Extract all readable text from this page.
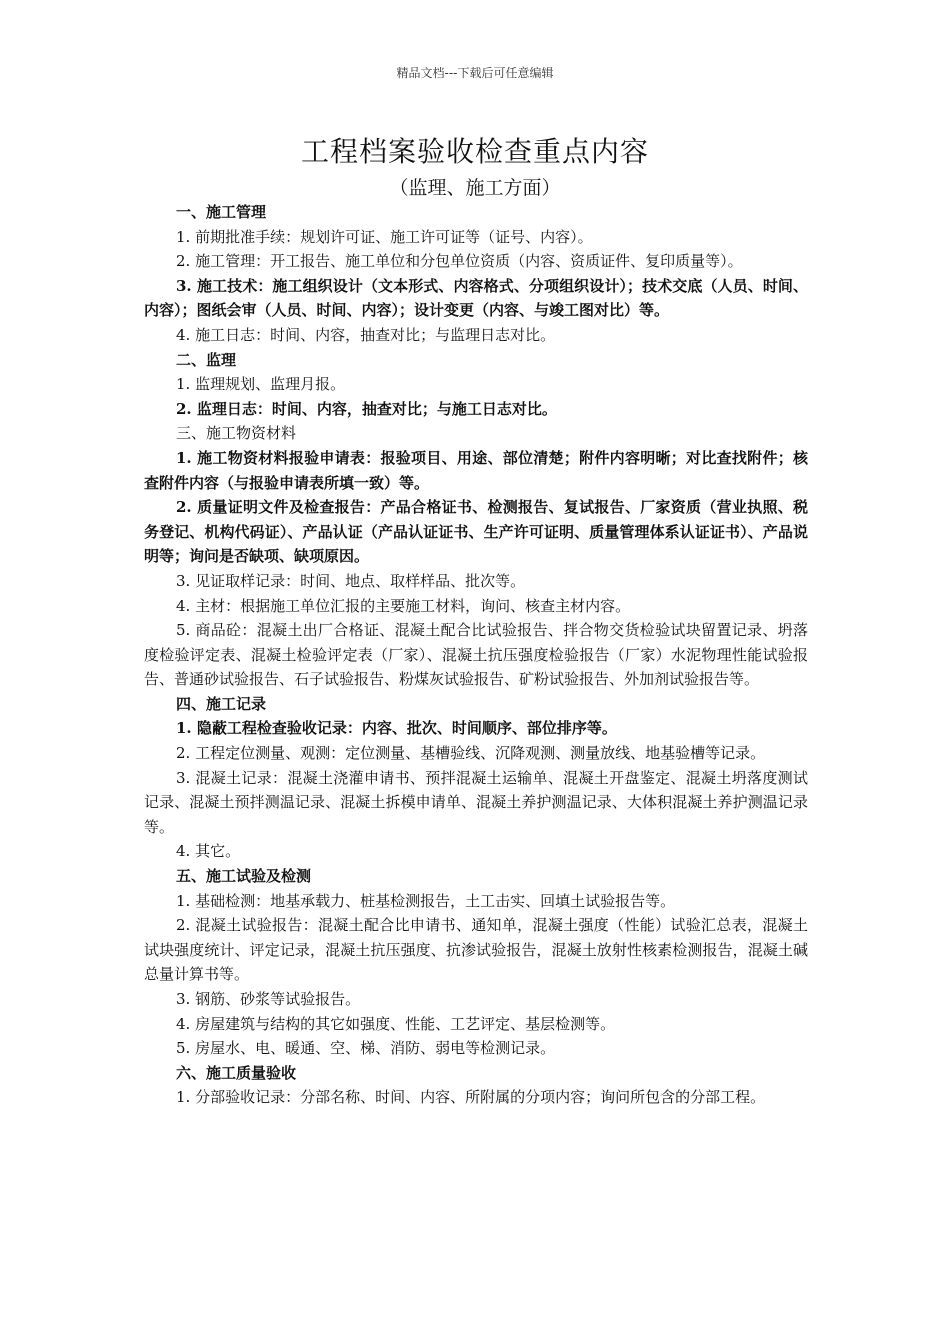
精品文档---下载后可任意编辑
工程档案验收检查重点内容
（监理、施工方面）

一、施工管理

1. 前期批准手续：规划许可证、施工许可证等（证号、内容）。

2. 施工管理：开工报告、施工单位和分包单位资质（内容、资质证件、复印质量等）。

3. 施工技术：施工组织设计（文本形式、内容格式、分项组织设计）；技术交底（人员、时间、内容）；图纸会审（人员、时间、内容）；设计变更（内容、与竣工图对比）等。

4. 施工日志：时间、内容，抽查对比；与监理日志对比。

二、监理

1. 监理规划、监理月报。

2. 监理日志：时间、内容，抽查对比；与施工日志对比。

三、施工物资材料

1. 施工物资材料报验申请表：报验项目、用途、部位清楚；附件内容明晰；对比查找附件；核查附件内容（与报验申请表所填一致）等。

2. 质量证明文件及检查报告：产品合格证书、检测报告、复试报告、厂家资质（营业执照、税务登记、机构代码证）、产品认证（产品认证证书、生产许可证明、质量管理体系认证证书）、产品说明等；询问是否缺项、缺项原因。

3. 见证取样记录：时间、地点、取样样品、批次等。

4. 主材：根据施工单位汇报的主要施工材料，询问、核查主材内容。

5. 商品砼：混凝土出厂合格证、混凝土配合比试验报告、拌合物交货检验试块留置记录、坍落度检验评定表、混凝土检验评定表（厂家）、混凝土抗压强度检验报告（厂家）水泥物理性能试验报告、普通砂试验报告、石子试验报告、粉煤灰试验报告、矿粉试验报告、外加剂试验报告等。

四、施工记录

1. 隐蔽工程检查验收记录：内容、批次、时间顺序、部位排序等。

2. 工程定位测量、观测：定位测量、基槽验线、沉降观测、测量放线、地基验槽等记录。

3. 混凝土记录：混凝土浇灌申请书、预拌混凝土运输单、混凝土开盘鉴定、混凝土坍落度测试记录、混凝土预拌测温记录、混凝土拆模申请单、混凝土养护测温记录、大体积混凝土养护测温记录等。

4. 其它。

五、施工试验及检测

1. 基础检测：地基承载力、桩基检测报告，土工击实、回填土试验报告等。

2. 混凝土试验报告：混凝土配合比申请书、通知单，混凝土强度（性能）试验汇总表，混凝土试块强度统计、评定记录，混凝土抗压强度、抗渗试验报告，混凝土放射性核素检测报告，混凝土碱总量计算书等。

3. 钢筋、砂浆等试验报告。

4. 房屋建筑与结构的其它如强度、性能、工艺评定、基层检测等。

5. 房屋水、电、暖通、空、梯、消防、弱电等检测记录。

六、施工质量验收

1. 分部验收记录：分部名称、时间、内容、所附属的分项内容；询问所包含的分部工程。
